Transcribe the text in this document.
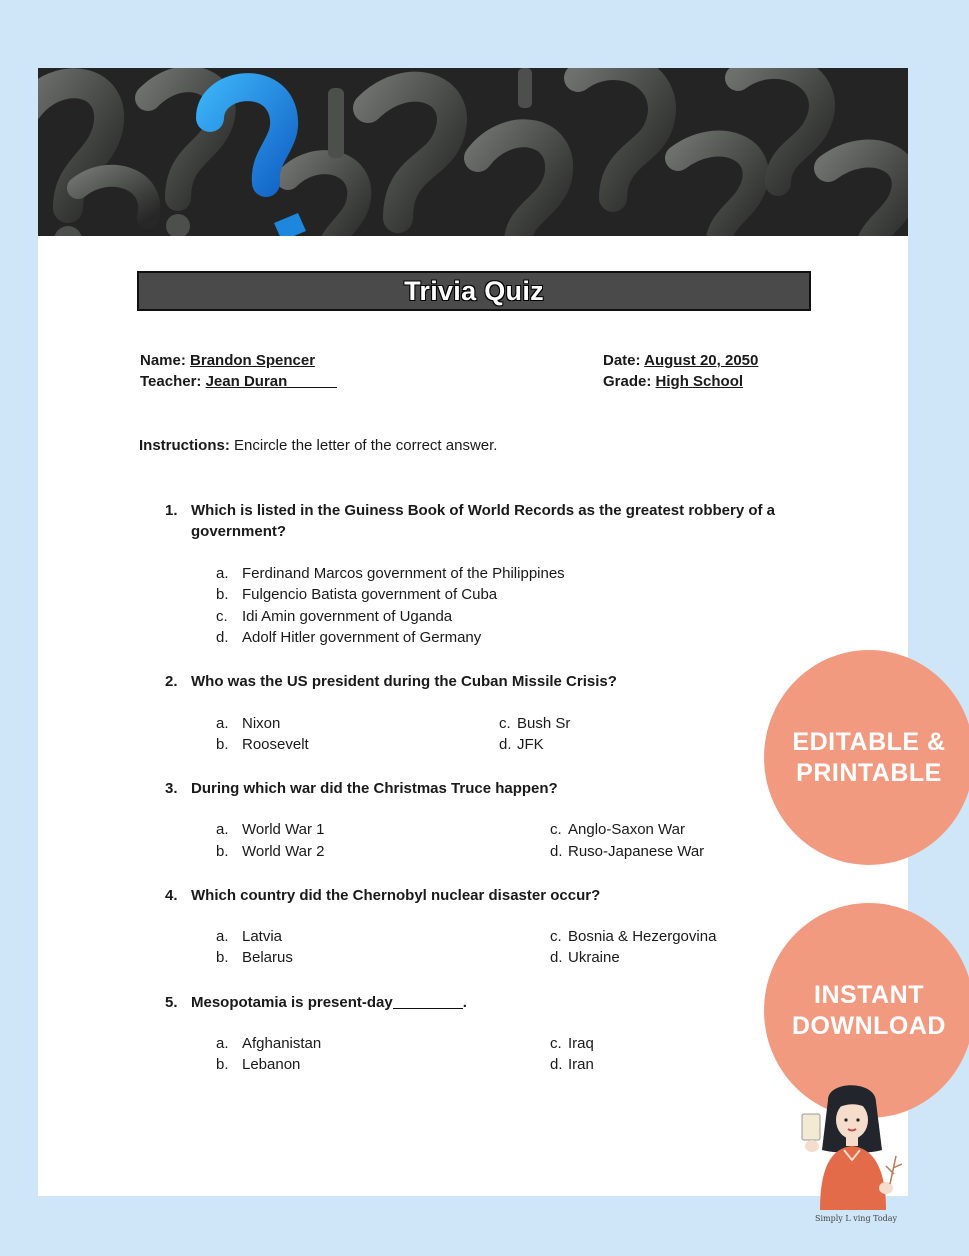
Trivia Quiz
Name: Brandon Spencer
Teacher: Jean Duran
Date: August 20, 2050
Grade: High School
Instructions: Encircle the letter of the correct answer.
1. Which is listed in the Guiness Book of World Records as the greatest robbery of a
government?
a. Ferdinand Marcos government of the Philippines
b. Fulgencio Batista government of Cuba
c. Idi Amin government of Uganda
d. Adolf Hitler government of Germany
2. Who was the US president during the Cuban Missile Crisis?
a. Nixon
b. Roosevelt
c. Bush Sr
d. JFK
3. During which war did the Christmas Truce happen?
a. World War 1
b. World War 2
c. Anglo-Saxon War
d. Ruso-Japanese War
4. Which country did the Chernobyl nuclear disaster occur?
a. Latvia
b. Belarus
c. Bosnia & Hezergovina
d. Ukraine
5. Mesopotamia is present-day	.
a. Afghanistan
b. Lebanon
c. Iraq
d. Iran
EDITABLE &
PRINTABLE
INSTANT
DOWNLOAD
Simply L ving Today
